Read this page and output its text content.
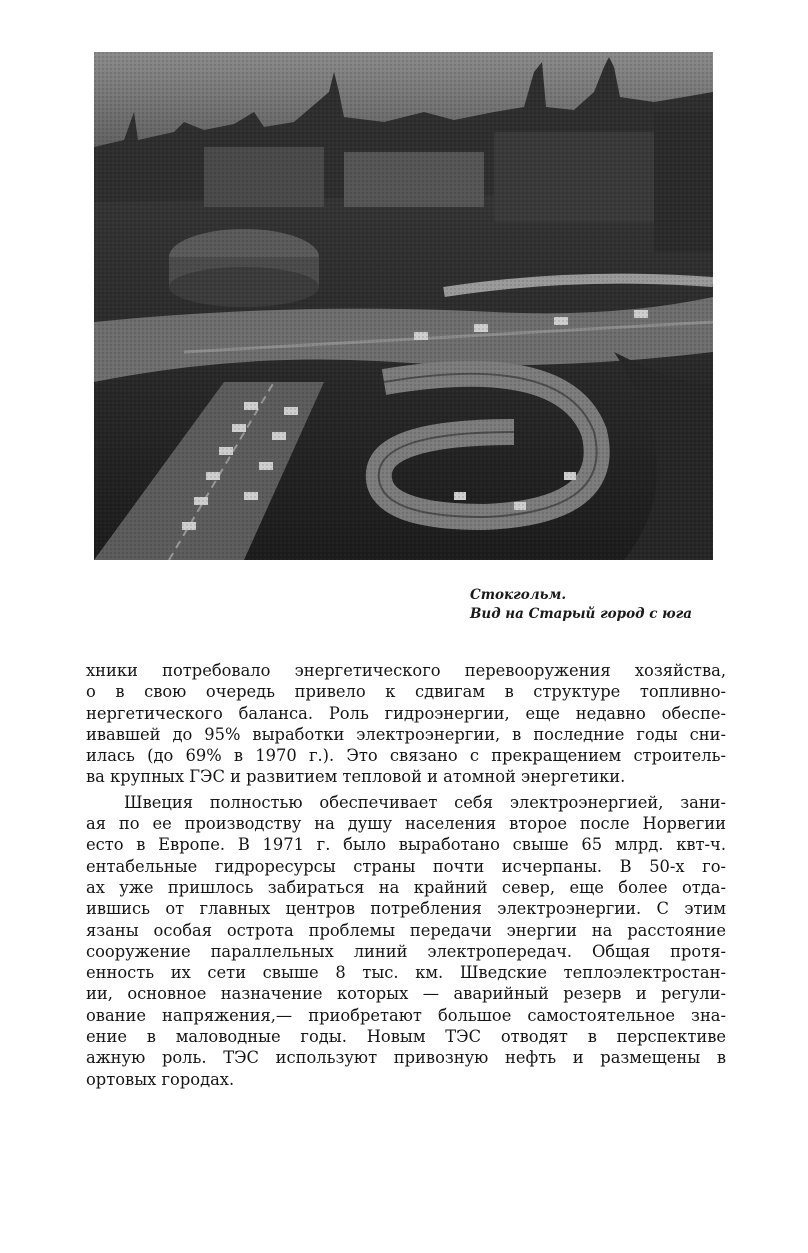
Стокгольм.
Вид на Старый город с юга
хники потребовало энергетического перевооружения хозяйства,
о в свою очередь привело к сдвигам в структуре топливно-
нергетического баланса. Роль гидроэнергии, еще недавно обеспе-
ивавшей до 95% выработки электроэнергии, в последние годы сни-
илась (до 69% в 1970 г.). Это связано с прекращением строитель-
ва крупных ГЭС и развитием тепловой и атомной энергетики.
Швеция полностью обеспечивает себя электроэнергией, зани-
ая по ее производству на душу населения второе после Норвегии
есто в Европе. В 1971 г. было выработано свыше 65 млрд. квт-ч.
ентабельные гидроресурсы страны почти исчерпаны. В 50-х го-
ах уже пришлось забираться на крайний север, еще более отда-
ившись от главных центров потребления электроэнергии. С этим
язаны особая острота проблемы передачи энергии на расстояние
сооружение параллельных линий электропередач. Общая протя-
енность их сети свыше 8 тыс. км. Шведские теплоэлектростан-
ии, основное назначение которых — аварийный резерв и регули-
ование напряжения,— приобретают большое самостоятельное зна-
ение в маловодные годы. Новым ТЭС отводят в перспективе
ажную роль. ТЭС используют привозную нефть и размещены в
ортовых городах.
